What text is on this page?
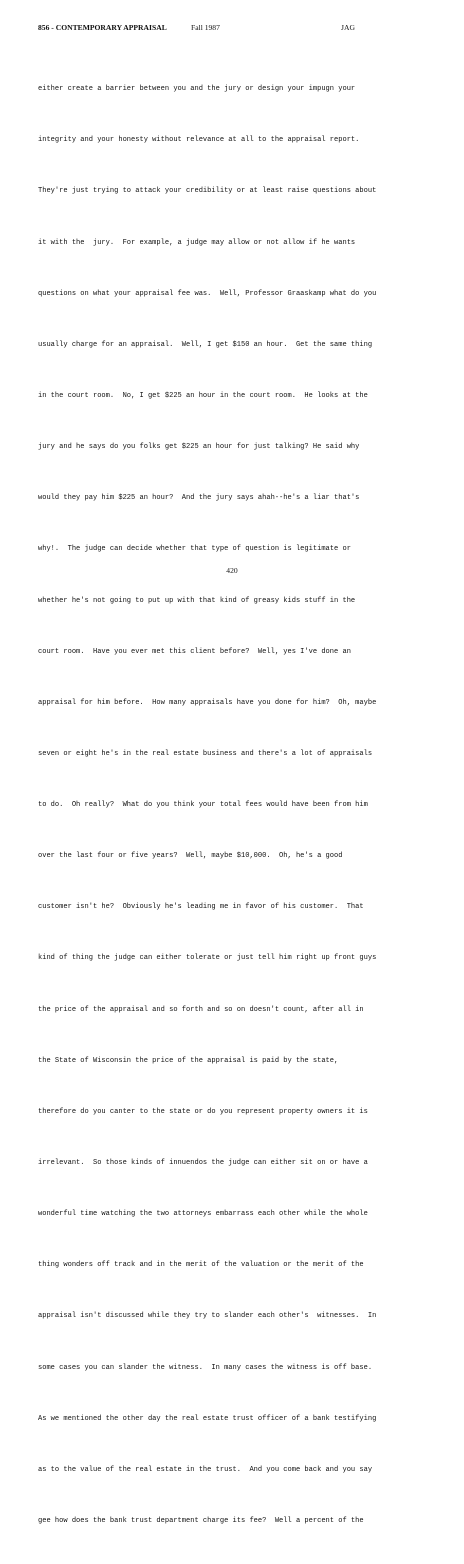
856 - CONTEMPORARY APPRAISAL	Fall 1987	JAG

either create a barrier between you and the jury or design your impugn your

integrity and your honesty without relevance at all to the appraisal report.

They're just trying to attack your credibility or at least raise questions about

it with the  jury.  For example, a judge may allow or not allow if he wants

questions on what your appraisal fee was.  Well, Professor Graaskamp what do you

usually charge for an appraisal.  Well, I get $150 an hour.  Get the same thing

in the court room.  No, I get $225 an hour in the court room.  He looks at the

jury and he says do you folks get $225 an hour for just talking? He said why

would they pay him $225 an hour?  And the jury says ahah--he's a liar that's

why!.  The judge can decide whether that type of question is legitimate or

whether he's not going to put up with that kind of greasy kids stuff in the

court room.  Have you ever met this client before?  Well, yes I've done an

appraisal for him before.  How many appraisals have you done for him?  Oh, maybe

seven or eight he's in the real estate business and there's a lot of appraisals

to do.  Oh really?  What do you think your total fees would have been from him

over the last four or five years?  Well, maybe $10,000.  Oh, he's a good

customer isn't he?  Obviously he's leading me in favor of his customer.  That

kind of thing the judge can either tolerate or just tell him right up front guys

the price of the appraisal and so forth and so on doesn't count, after all in

the State of Wisconsin the price of the appraisal is paid by the state,

therefore do you canter to the state or do you represent property owners it is

irrelevant.  So those kinds of innuendos the judge can either sit on or have a

wonderful time watching the two attorneys embarrass each other while the whole

thing wonders off track and in the merit of the valuation or the merit of the

appraisal isn't discussed while they try to slander each other's  witnesses.  In

some cases you can slander the witness.  In many cases the witness is off base.

As we mentioned the other day the real estate trust officer of a bank testifying

as to the value of the real estate in the trust.  And you come back and you say

gee how does the bank trust department charge its fee?  Well a percent of the

420
